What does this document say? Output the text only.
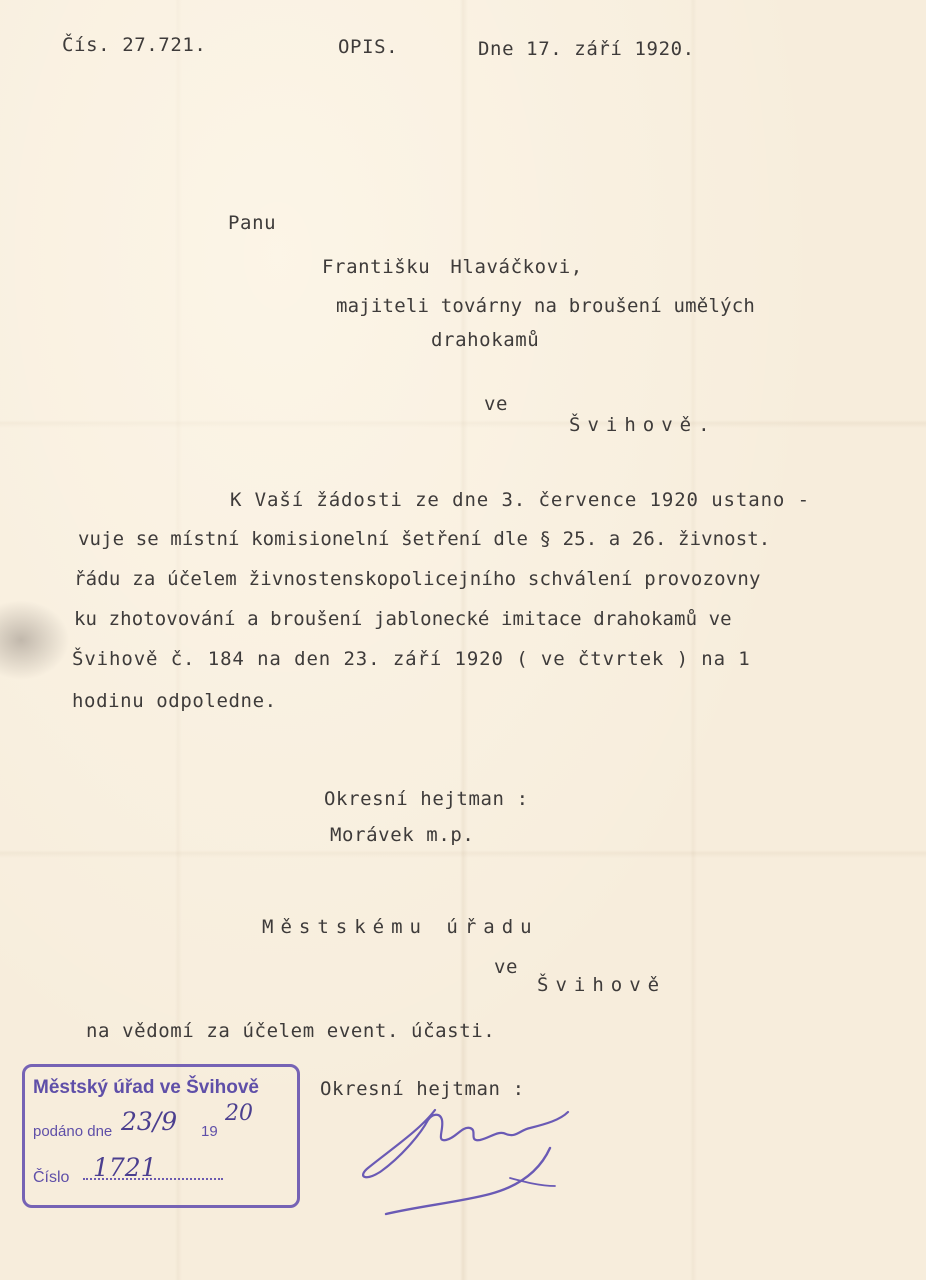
Čís. 27.721.	OPIS.	Dne 17. září 1920.
Panu
Františku Hlaváčkovi,
majiteli továrny na broušení umělých
drahokamů
ve
Švihově.
K Vaší žádosti ze dne 3. července 1920 ustano -
vuje se místní komisionelní šetření dle § 25. a 26. živnost.
řádu za účelem živnostenskopolicejního schválení provozovny
ku zhotovování a broušení jablonecké imitace drahokamů ve
Švihově č. 184 na den 23. září 1920 ( ve čtvrtek ) na 1
hodinu odpoledne.
Okresní hejtman :
Morávek m.p.
Městskému úřadu
ve
Švihově
na vědomí za účelem event. účasti.
Okresní hejtman :
Městský úřad ve Švihově
podáno dne 23/9 19
20
Číslo 1721
